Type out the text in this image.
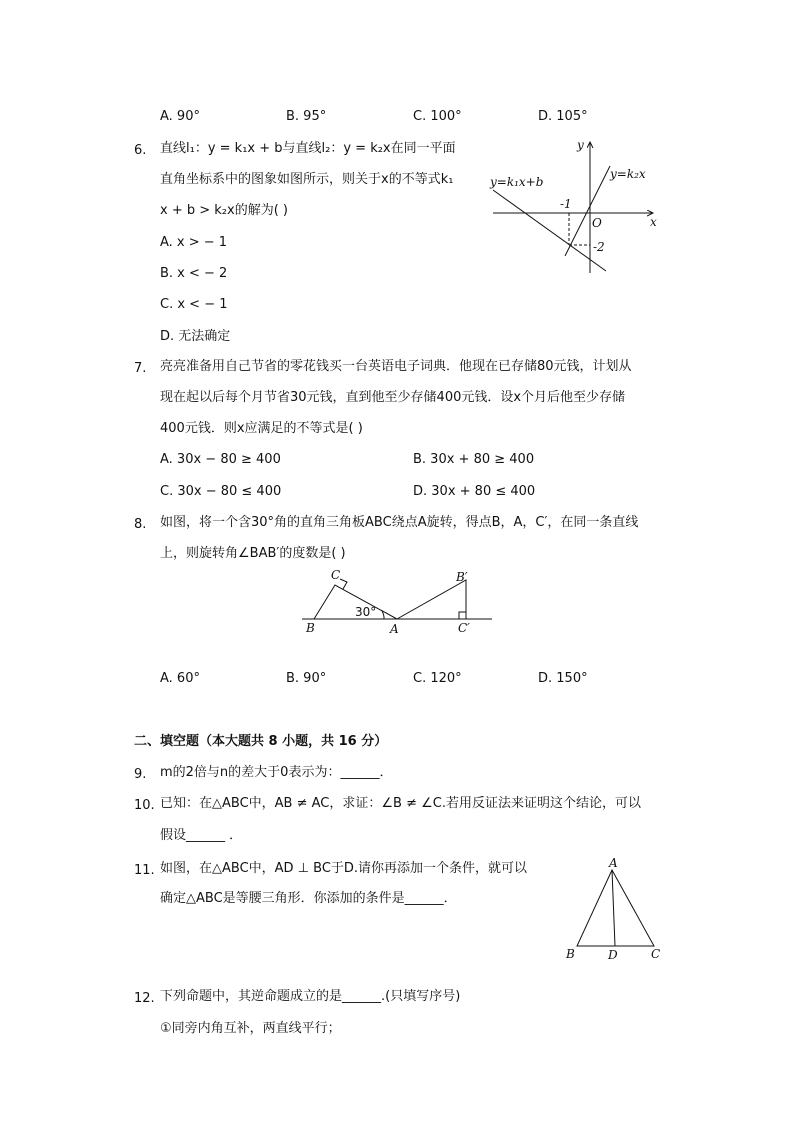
A. 90°	B. 95°	C. 100°	D. 105°
6. 直线l₁：y = k₁x + b与直线l₂：y = k₂x在同一平面
直角坐标系中的图象如图所示，则关于x的不等式k₁
x + b > k₂x的解为( )
A. x > − 1
B. x < − 2
C. x < − 1
D. 无法确定
y
x
O
y=k₁x+b
y=k₂x
-1
-2
7. 亮亮准备用自己节省的零花钱买一台英语电子词典．他现在已存储80元钱，计划从
现在起以后每个月节省30元钱，直到他至少存储400元钱．设x个月后他至少存储
400元钱．则x应满足的不等式是( )
A. 30x − 80 ≥ 400	B. 30x + 80 ≥ 400
C. 30x − 80 ≤ 400	D. 30x + 80 ≤ 400
8. 如图，将一个含30°角的直角三角板ABC绕点A旋转，得点B，A，C′，在同一条直线
上，则旋转角∠BAB′的度数是( )
C
B	A
B′
C′
30°
A. 60°	B. 90°	C. 120°	D. 150°
二、填空题（本大题共 8 小题，共 16 分）
9. m的2倍与n的差大于0表示为：______．
10. 已知：在△ABC中，AB ≠ AC，求证：∠B ≠ ∠C.若用反证法来证明这个结论，可以
假设______ ．
11. 如图，在△ABC中，AD ⊥ BC于D.请你再添加一个条件，就可以
确定△ABC是等腰三角形．你添加的条件是______．
A
B	D	C
12. 下列命题中，其逆命题成立的是______.(只填写序号)
①同旁内角互补，两直线平行；
